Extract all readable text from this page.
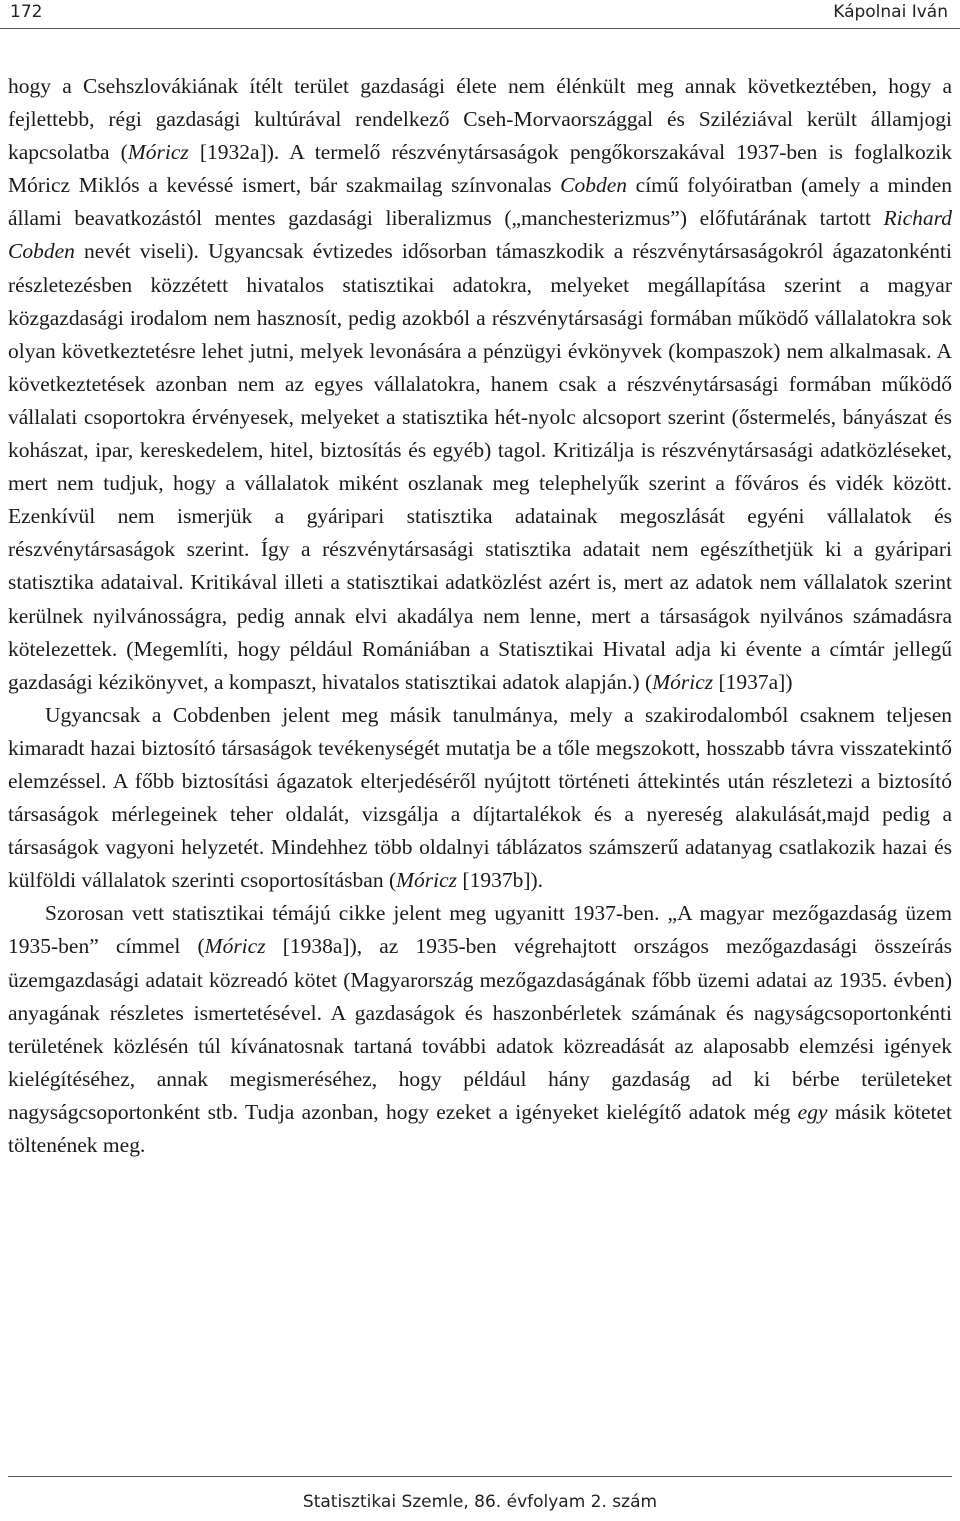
172	Kápolnai Iván

hogy a Csehszlovákiának ítélt terület gazdasági élete nem élénkült meg annak következtében, hogy a fejlettebb, régi gazdasági kultúrával rendelkező Cseh-Morvaországgal és Sziléziával került államjogi kapcsolatba (Móricz [1932a]). A termelő részvénytársaságok pengőkorszakával 1937-ben is foglalkozik Móricz Miklós a kevéssé ismert, bár szakmailag színvonalas Cobden című folyóiratban (amely a minden állami beavatkozástól mentes gazdasági liberalizmus („manchesterizmus”) előfutárának tartott Richard Cobden nevét viseli). Ugyancsak évtizedes idősorban támaszkodik a részvénytársaságokról ágazatonkénti részletezésben közzétett hivatalos statisztikai adatokra, melyeket megállapítása szerint a magyar közgazdasági irodalom nem hasznosít, pedig azokból a részvénytársasági formában működő vállalatokra sok olyan következtetésre lehet jutni, melyek levonására a pénzügyi évkönyvek (kompaszok) nem alkalmasak. A következtetések azonban nem az egyes vállalatokra, hanem csak a részvénytársasági formában működő vállalati csoportokra érvényesek, melyeket a statisztika hét-nyolc alcsoport szerint (őstermelés, bányászat és kohászat, ipar, kereskedelem, hitel, biztosítás és egyéb) tagol. Kritizálja is részvénytársasági adatközléseket, mert nem tudjuk, hogy a vállalatok miként oszlanak meg telephelyűk szerint a főváros és vidék között. Ezenkívül nem ismerjük a gyáripari statisztika adatainak megoszlását egyéni vállalatok és részvénytársaságok szerint. Így a részvénytársasági statisztika adatait nem egészíthetjük ki a gyáripari statisztika adataival. Kritikával illeti a statisztikai adatközlést azért is, mert az adatok nem vállalatok szerint kerülnek nyilvánosságra, pedig annak elvi akadálya nem lenne, mert a társaságok nyilvános számadásra kötelezettek. (Megemlíti, hogy például Romániában a Statisztikai Hivatal adja ki évente a címtár jellegű gazdasági kézikönyvet, a kompaszt, hivatalos statisztikai adatok alapján.) (Móricz [1937a])

Ugyancsak a Cobdenben jelent meg másik tanulmánya, mely a szakirodalomból csaknem teljesen kimaradt hazai biztosító társaságok tevékenységét mutatja be a tőle megszokott, hosszabb távra visszatekintő elemzéssel. A főbb biztosítási ágazatok elterjedéséről nyújtott történeti áttekintés után részletezi a biztosító társaságok mérlegeinek teher oldalát, vizsgálja a díjtartalékok és a nyereség alakulását,majd pedig a társaságok vagyoni helyzetét. Mindehhez több oldalnyi táblázatos számszerű adatanyag csatlakozik hazai és külföldi vállalatok szerinti csoportosításban (Móricz [1937b]).

Szorosan vett statisztikai témájú cikke jelent meg ugyanitt 1937-ben. „A magyar mezőgazdaság üzem 1935-ben” címmel (Móricz [1938a]), az 1935-ben végrehajtott országos mezőgazdasági összeírás üzemgazdasági adatait közreadó kötet (Magyarország mezőgazdaságának főbb üzemi adatai az 1935. évben) anyagának részletes ismertetésével. A gazdaságok és haszonbérletek számának és nagyságcsoportonkénti területének közlésén túl kívánatosnak tartaná további adatok közreadását az alaposabb elemzési igények kielégítéséhez, annak megismeréséhez, hogy például hány gazdaság ad ki bérbe területeket nagyságcsoportonként stb. Tudja azonban, hogy ezeket a igényeket kielégítő adatok még egy másik kötetet töltenének meg.

Statisztikai Szemle, 86. évfolyam 2. szám
